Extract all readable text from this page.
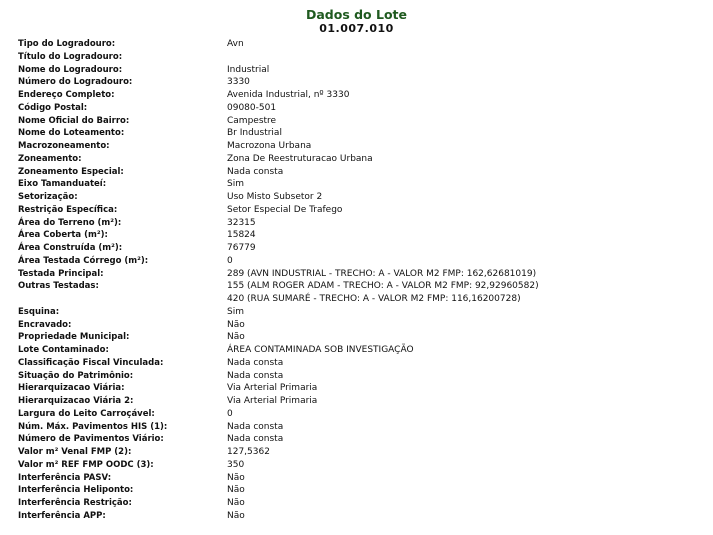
Dados do Lote
01.007.010
Tipo do Logradouro:	Avn
Título do Logradouro:
Nome do Logradouro:	Industrial
Número do Logradouro:	3330
Endereço Completo:	Avenida Industrial, nº 3330
Código Postal:	09080-501
Nome Oficial do Bairro:	Campestre
Nome do Loteamento:	Br Industrial
Macrozoneamento:	Macrozona Urbana
Zoneamento:	Zona De Reestruturacao Urbana
Zoneamento Especial:	Nada consta
Eixo Tamanduateí:	Sim
Setorização:	Uso Misto Subsetor 2
Restrição Específica:	Setor Especial De Trafego
Área do Terreno (m²):	32315
Área Coberta (m²):	15824
Área Construída (m²):	76779
Área Testada Córrego (m²):	0
Testada Principal:	289 (AVN INDUSTRIAL - TRECHO: A - VALOR M2 FMP: 162,62681019)
Outras Testadas:	155 (ALM ROGER ADAM - TRECHO: A - VALOR M2 FMP: 92,92960582)
420 (RUA SUMARÉ - TRECHO: A - VALOR M2 FMP: 116,16200728)
Esquina:	Sim
Encravado:	Não
Propriedade Municipal:	Não
Lote Contaminado:	ÁREA CONTAMINADA SOB INVESTIGAÇÃO
Classificação Fiscal Vinculada:	Nada consta
Situação do Patrimônio:	Nada consta
Hierarquizacao Viária:	Via Arterial Primaria
Hierarquizacao Viária 2:	Via Arterial Primaria
Largura do Leito Carroçável:	0
Núm. Máx. Pavimentos HIS (1):	Nada consta
Número de Pavimentos Viário:	Nada consta
Valor m² Venal FMP (2):	127,5362
Valor m² REF FMP OODC (3):	350
Interferência PASV:	Não
Interferência Heliponto:	Não
Interferência Restrição:	Não
Interferência APP:	Não
